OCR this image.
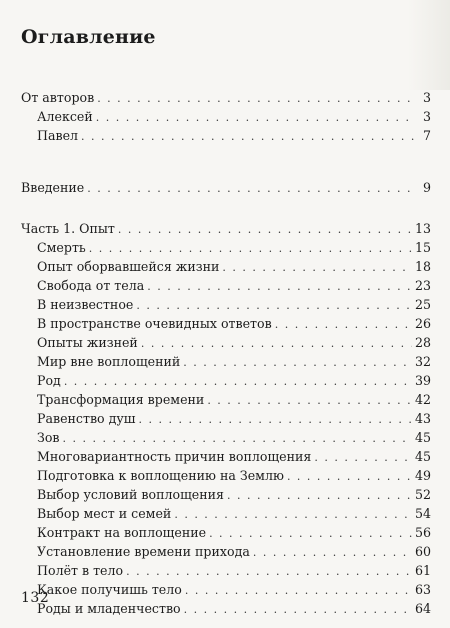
Оглавление
От авторов . . .	3
Алексей . . .	3
Павел . . .	7
Введение . . .	9
Часть 1. Опыт . . .	13
Смерть . . .	15
Опыт оборвавшейся жизни . . .	18
Свобода от тела . . .	23
В неизвестное . . .	25
В пространстве очевидных ответов . . .	26
Опыты жизней . . .	28
Мир вне воплощений . . .	32
Род . . .	39
Трансформация времени . . .	42
Равенство душ . . .	43
Зов . . .	45
Многовариантность причин воплощения . . .	45
Подготовка к воплощению на Землю . . .	49
Выбор условий воплощения . . .	52
Выбор мест и семей . . .	54
Контракт на воплощение . . .	56
Установление времени прихода . . .	60
Полёт в тело . . .	61
Какое получишь тело . . .	63
Роды и младенчество . . .	64
132
